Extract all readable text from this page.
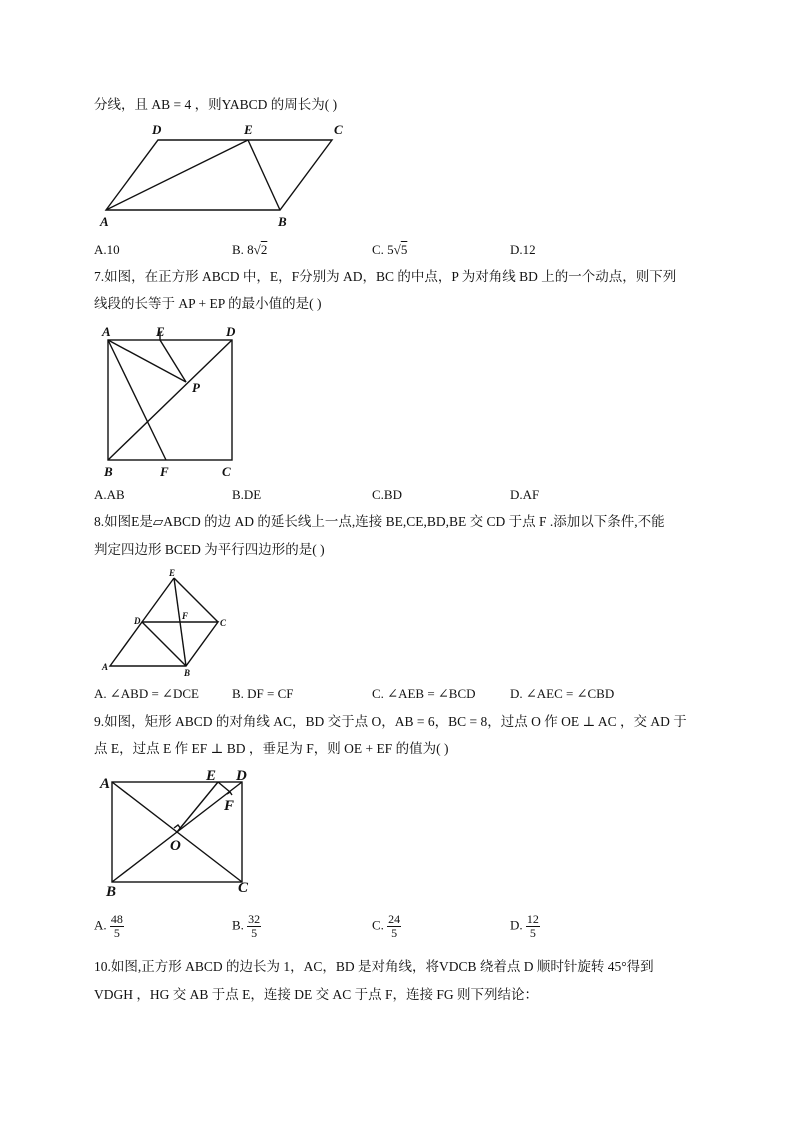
分线，且 AB = 4 ，则YABCD 的周长为( )
A	B
C
D	E
A.10	B. 8√2	C. 5√5	D.12
7.如图，在正方形 ABCD 中，E，F分别为 AD，BC 的中点，P 为对角线 BD 上的一个动点，则下列
线段的长等于 AP + EP 的最小值的是( )
A	E	D
P
B	F	C
A.AB	B.DE	C.BD	D.AF
8.如图E是▱ABCD 的边 AD 的延长线上一点,连接 BE,CE,BD,BE 交 CD 于点 F .添加以下条件,不能
判定四边形 BCED 为平行四边形的是( )
E
D	F
C
A
B
A. ∠ABD = ∠DCE	B. DF = CF	C. ∠AEB = ∠BCD	D. ∠AEC = ∠CBD
9.如图，矩形 ABCD 的对角线 AC，BD 交于点 O，AB = 6，BC = 8，过点 O 作 OE ⊥ AC ，交 AD 于
点 E，过点 E 作 EF ⊥ BD ，垂足为 F，则 OE + EF 的值为( )
A	E D
F
O
B	C
A. $\frac{48}{5}$	B. $\frac{32}{5}$	C. $\frac{24}{5}$	D. $\frac{12}{5}$
10.如图,正方形 ABCD 的边长为 1，AC，BD 是对角线，将VDCB 绕着点 D 顺时针旋转 45°得到
VDGH ，HG 交 AB 于点 E，连接 DE 交 AC 于点 F，连接 FG 则下列结论：
